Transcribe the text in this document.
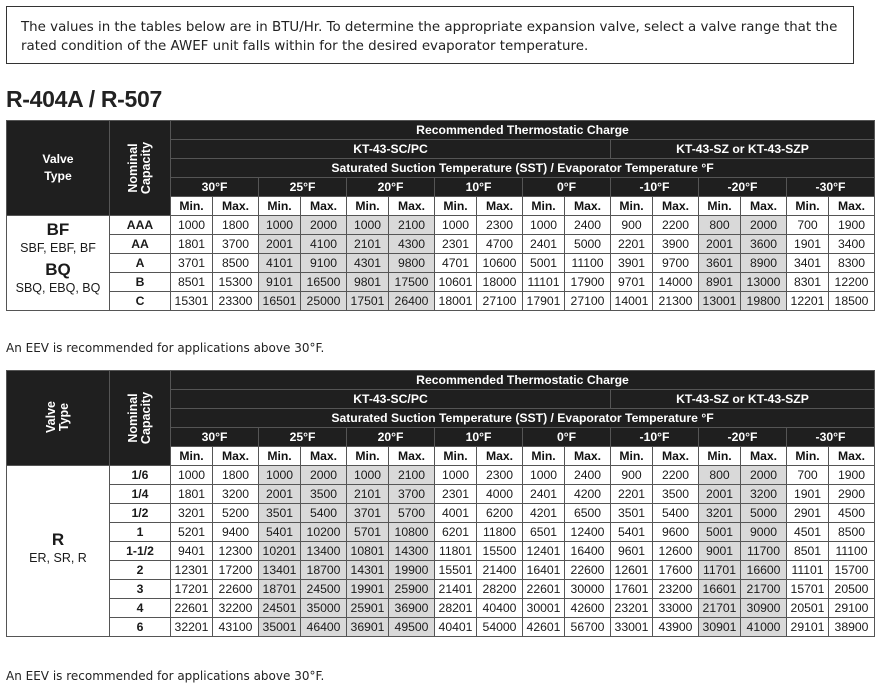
The values in the tables below are in BTU/Hr. To determine the appropriate expansion valve, select a valve range that the rated condition of the AWEF unit falls within for the desired evaporator temperature.
R-404A / R-507
Valve Type	Nominal Capacity	Recommended Thermostatic Charge															
		KT-43-SC/PC										KT-43-SZ or KT-43-SZP					
		Saturated Suction Temperature (SST) / Evaporator Temperature °F															
		30°F		25°F		20°F		10°F		0°F		-10°F		-20°F		-30°F	
		Min.	Max.	Min.	Max.	Min.	Max.	Min.	Max.	Min.	Max.	Min.	Max.	Min.	Max.	Min.	Max.

BF
SBF, EBF, BF
BQ
SBQ, EBQ, BQ	AAA	1000	1800	1000	2000	1000	2100	1000	2300	1000	2400	900	2200	800	2000	700	1900
	AA	1801	3700	2001	4100	2101	4300	2301	4700	2401	5000	2201	3900	2001	3600	1901	3400
	A	3701	8500	4101	9100	4301	9800	4701	10600	5001	11100	3901	9700	3601	8900	3401	8300
	B	8501	15300	9101	16500	9801	17500	10601	18000	11101	17900	9701	14000	8901	13000	8301	12200
	C	15301	23300	16501	25000	17501	26400	18001	27100	17901	27100	14001	21300	13001	19800	12201	18500
An EEV is recommended for applications above 30°F.
Valve Type	Nominal Capacity	Recommended Thermostatic Charge															
		KT-43-SC/PC										KT-43-SZ or KT-43-SZP					
		Saturated Suction Temperature (SST) / Evaporator Temperature °F															
		30°F		25°F		20°F		10°F		0°F		-10°F		-20°F		-30°F	
		Min.	Max.	Min.	Max.	Min.	Max.	Min.	Max.	Min.	Max.	Min.	Max.	Min.	Max.	Min.	Max.

R
ER, SR, R	1/6	1000	1800	1000	2000	1000	2100	1000	2300	1000	2400	900	2200	800	2000	700	1900
	1/4	1801	3200	2001	3500	2101	3700	2301	4000	2401	4200	2201	3500	2001	3200	1901	2900
	1/2	3201	5200	3501	5400	3701	5700	4001	6200	4201	6500	3501	5400	3201	5000	2901	4500
	1	5201	9400	5401	10200	5701	10800	6201	11800	6501	12400	5401	9600	5001	9000	4501	8500
	1-1/2	9401	12300	10201	13400	10801	14300	11801	15500	12401	16400	9601	12600	9001	11700	8501	11100
	2	12301	17200	13401	18700	14301	19900	15501	21400	16401	22600	12601	17600	11701	16600	11101	15700
	3	17201	22600	18701	24500	19901	25900	21401	28200	22601	30000	17601	23200	16601	21700	15701	20500
	4	22601	32200	24501	35000	25901	36900	28201	40400	30001	42600	23201	33000	21701	30900	20501	29100
	6	32201	43100	35001	46400	36901	49500	40401	54000	42601	56700	33001	43900	30901	41000	29101	38900
An EEV is recommended for applications above 30°F.
